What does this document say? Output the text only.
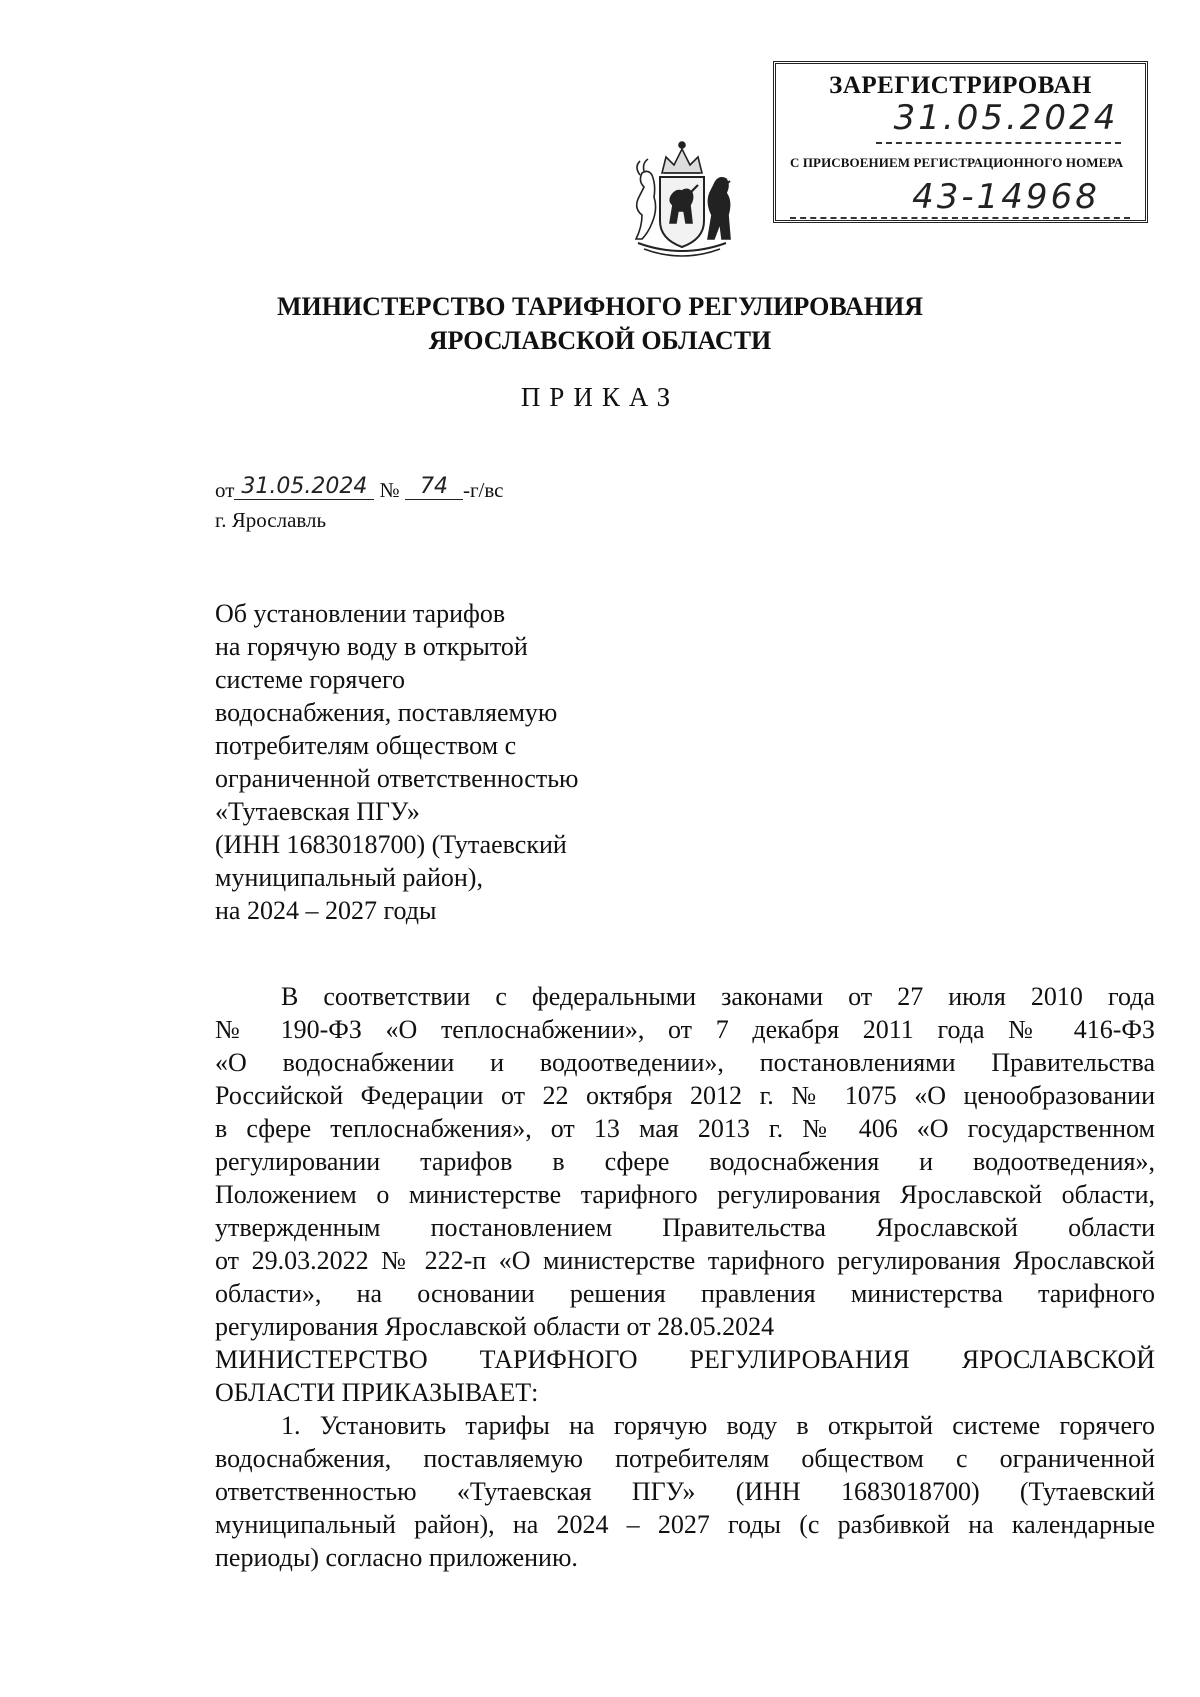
ЗАРЕГИСТРИРОВАН
31.05.2024
С ПРИСВОЕНИЕМ РЕГИСТРАЦИОННОГО НОМЕРА
43-14968
МИНИСТЕРСТВО ТАРИФНОГО РЕГУЛИРОВАНИЯ
ЯРОСЛАВСКОЙ ОБЛАСТИ
ПРИКАЗ
от 31.05.2024 № 74 -г/вс
г. Ярославль
Об установлении тарифов
на горячую воду в открытой
системе горячего
водоснабжения, поставляемую
потребителям обществом с
ограниченной ответственностью
«Тутаевская ПГУ»
(ИНН 1683018700) (Тутаевский
муниципальный район),
на 2024 – 2027 годы
В соответствии с федеральными законами от 27 июля 2010 года
№ 190-ФЗ «О теплоснабжении», от 7 декабря 2011 года № 416-ФЗ
«О водоснабжении и водоотведении», постановлениями Правительства
Российской Федерации от 22 октября 2012 г. № 1075 «О ценообразовании
в сфере теплоснабжения», от 13 мая 2013 г. № 406 «О государственном
регулировании тарифов в сфере водоснабжения и водоотведения»,
Положением о министерстве тарифного регулирования Ярославской области,
утвержденным постановлением Правительства Ярославской области
от 29.03.2022 № 222-п «О министерстве тарифного регулирования Ярославской
области», на основании решения правления министерства тарифного
регулирования Ярославской области от 28.05.2024
МИНИСТЕРСТВО ТАРИФНОГО РЕГУЛИРОВАНИЯ ЯРОСЛАВСКОЙ
ОБЛАСТИ ПРИКАЗЫВАЕТ:
1. Установить тарифы на горячую воду в открытой системе горячего
водоснабжения, поставляемую потребителям обществом с ограниченной
ответственностью «Тутаевская ПГУ» (ИНН 1683018700) (Тутаевский
муниципальный район), на 2024 – 2027 годы (с разбивкой на календарные
периоды) согласно приложению.
